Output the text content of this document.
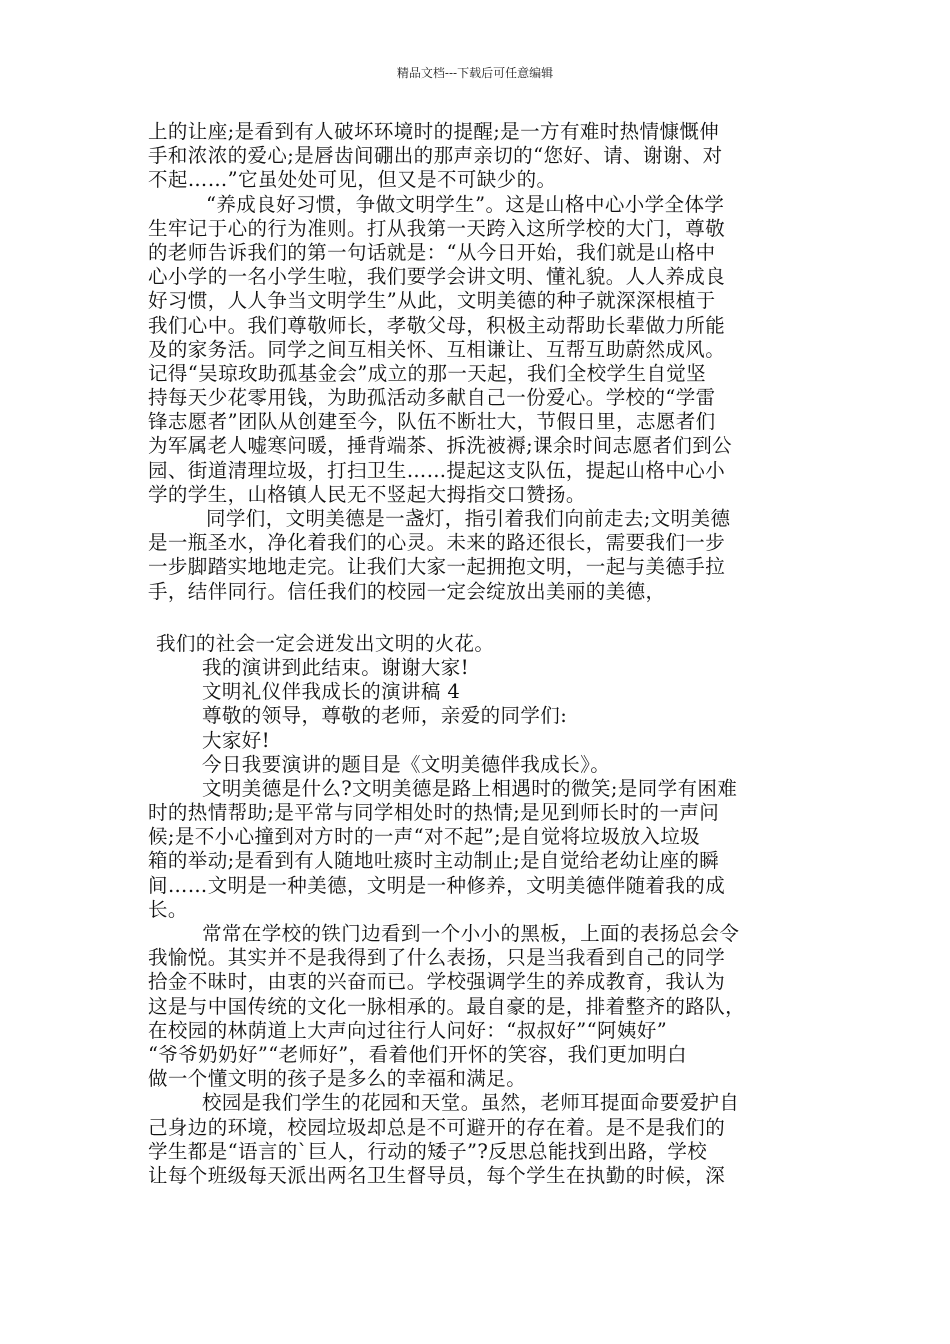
精品文档---下载后可任意编辑
上的让座;是看到有人破坏环境时的提醒;是一方有难时热情慷慨伸
手和浓浓的爱心;是唇齿间硼出的那声亲切的“您好、请、谢谢、对
不起……”它虽处处可见，但又是不可缺少的。
“养成良好习惯，争做文明学生”。这是山格中心小学全体学
生牢记于心的行为准则。打从我第一天跨入这所学校的大门，尊敬
的老师告诉我们的第一句话就是：“从今日开始，我们就是山格中
心小学的一名小学生啦，我们要学会讲文明、懂礼貌。人人养成良
好习惯，人人争当文明学生”从此，文明美德的种子就深深根植于
我们心中。我们尊敬师长，孝敬父母，积极主动帮助长辈做力所能
及的家务活。同学之间互相关怀、互相谦让、互帮互助蔚然成风。
记得“吴琼玫助孤基金会”成立的那一天起，我们全校学生自觉坚
持每天少花零用钱，为助孤活动多献自己一份爱心。学校的“学雷
锋志愿者”团队从创建至今，队伍不断壮大，节假日里，志愿者们
为军属老人嘘寒问暖，捶背端茶、拆洗被褥;课余时间志愿者们到公
园、街道清理垃圾，打扫卫生……提起这支队伍，提起山格中心小
学的学生，山格镇人民无不竖起大拇指交口赞扬。
同学们，文明美德是一盏灯，指引着我们向前走去;文明美德
是一瓶圣水，净化着我们的心灵。未来的路还很长，需要我们一步
一步脚踏实地地走完。让我们大家一起拥抱文明，一起与美德手拉
手，结伴同行。信任我们的校园一定会绽放出美丽的美德，
我们的社会一定会迸发出文明的火花。
我的演讲到此结束。谢谢大家!
文明礼仪伴我成长的演讲稿 4
尊敬的领导，尊敬的老师，亲爱的同学们:
大家好!
今日我要演讲的题目是《文明美德伴我成长》。
文明美德是什么?文明美德是路上相遇时的微笑;是同学有困难
时的热情帮助;是平常与同学相处时的热情;是见到师长时的一声问
候;是不小心撞到对方时的一声“对不起”;是自觉将垃圾放入垃圾
箱的举动;是看到有人随地吐痰时主动制止;是自觉给老幼让座的瞬
间……文明是一种美德，文明是一种修养，文明美德伴随着我的成
长。
常常在学校的铁门边看到一个小小的黑板，上面的表扬总会令
我愉悦。其实并不是我得到了什么表扬，只是当我看到自己的同学
拾金不昧时，由衷的兴奋而已。学校强调学生的养成教育，我认为
这是与中国传统的文化一脉相承的。最自豪的是，排着整齐的路队，
在校园的林荫道上大声向过往行人问好：“叔叔好”“阿姨好”
“爷爷奶奶好”“老师好”，看着他们开怀的笑容，我们更加明白
做一个懂文明的孩子是多么的幸福和满足。
校园是我们学生的花园和天堂。虽然，老师耳提面命要爱护自
己身边的环境，校园垃圾却总是不可避开的存在着。是不是我们的
学生都是“语言的`巨人，行动的矮子”?反思总能找到出路，学校
让每个班级每天派出两名卫生督导员，每个学生在执勤的时候，深
